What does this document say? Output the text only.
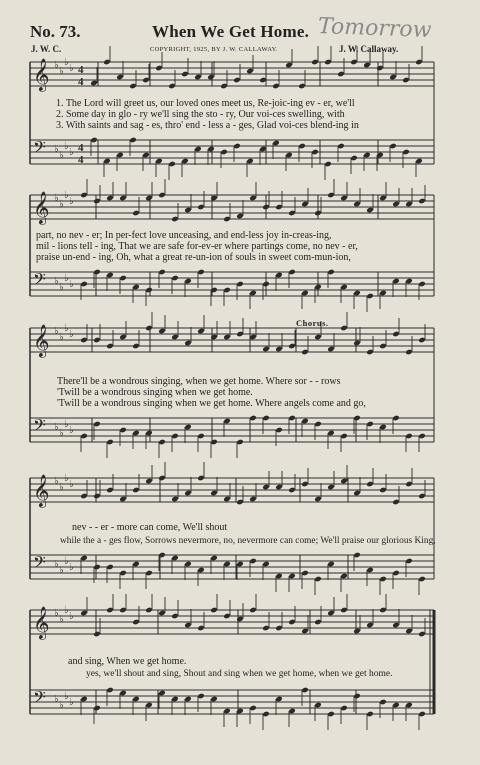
No. 73.	When We Get Home. Tomorrow
J. W. C.	COPYRIGHT, 1925, BY J. W. CALLAWAY.	J. W. Callaway.
𝄞 ♭
♭
♭
♭ 4
4
𝄢 ♭
♭
♭
♭ 4
4
𝄞 ♭
♭
♭
♭
𝄢 ♭
♭
♭
♭
𝄞 ♭
♭
♭
♭
𝄢 ♭
♭
♭
♭
𝄞 ♭
♭
♭
♭
𝄢 ♭
♭
♭
♭
𝄞 ♭
♭
♭
♭
𝄢 ♭
♭
♭
♭
1. The Lord will greet us, our loved ones meet us, Re-joic-ing ev - er, we'll
2. Some day in glo - ry we'll sing the sto - ry, Our voi-ces swelling, with
3. With saints and sag - es, thro' end - less a - ges, Glad voi-ces blend-ing in
part, no nev - er; In per-fect love unceasing, and end-less joy in-creas-ing,
mil - lions tell - ing, That we are safe for-ev-er where partings come, no nev - er,
praise un-end - ing, Oh, what a great re-un-ion of souls in sweet com-mun-ion,
Chorus.
There'll be a wondrous singing, when we get home. Where sor - - rows
'Twill be a wondrous singing when we get home.
'Twill be a wondrous singing when we get home. Where angels come and go,
nev - - er - more can come, We'll shout
while the a - ges flow, Sorrows nevermore, no, nevermore can come; We'll praise our glorious King,
and sing, When we get home.
yes, we'll shout and sing, Shout and sing when we get home, when we get home.
